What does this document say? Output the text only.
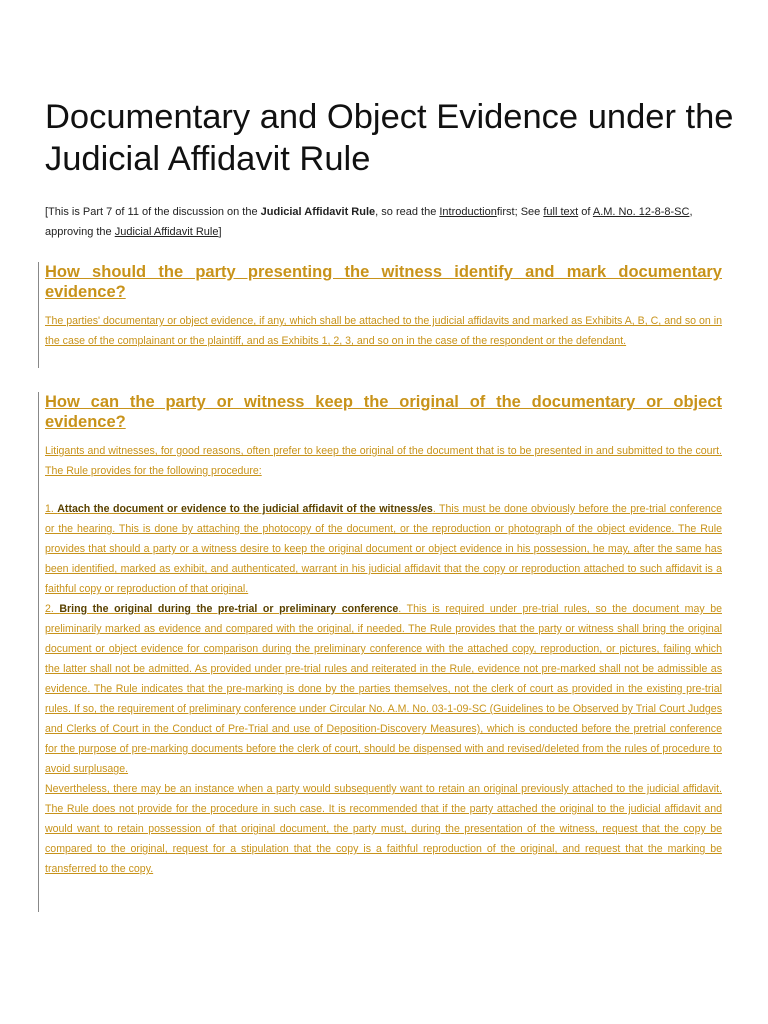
Documentary and Object Evidence under the Judicial Affidavit Rule

[This is Part 7 of 11 of the discussion on the Judicial Affidavit Rule, so read the Introductionfirst; See full text of A.M. No. 12-8-8-SC, approving the Judicial Affidavit Rule]

How should the party presenting the witness identify and mark documentary evidence?

The parties' documentary or object evidence, if any, which shall be attached to the judicial affidavits and marked as Exhibits A, B, C, and so on in the case of the complainant or the plaintiff, and as Exhibits 1, 2, 3, and so on in the case of the respondent or the defendant.

How can the party or witness keep the original of the documentary or object evidence?

Litigants and witnesses, for good reasons, often prefer to keep the original of the document that is to be presented in and submitted to the court. The Rule provides for the following procedure:

1. Attach the document or evidence to the judicial affidavit of the witness/es. This must be done obviously before the pre-trial conference or the hearing. This is done by attaching the photocopy of the document, or the reproduction or photograph of the object evidence. The Rule provides that should a party or a witness desire to keep the original document or object evidence in his possession, he may, after the same has been identified, marked as exhibit, and authenticated, warrant in his judicial affidavit that the copy or reproduction attached to such affidavit is a faithful copy or reproduction of that original.

2. Bring the original during the pre-trial or preliminary conference. This is required under pre-trial rules, so the document may be preliminarily marked as evidence and compared with the original, if needed. The Rule provides that the party or witness shall bring the original document or object evidence for comparison during the preliminary conference with the attached copy, reproduction, or pictures, failing which the latter shall not be admitted. As provided under pre-trial rules and reiterated in the Rule, evidence not pre-marked shall not be admissible as evidence. The Rule indicates that the pre-marking is done by the parties themselves, not the clerk of court as provided in the existing pre-trial rules. If so, the requirement of preliminary conference under Circular No. A.M. No. 03-1-09-SC (Guidelines to be Observed by Trial Court Judges and Clerks of Court in the Conduct of Pre-Trial and use of Deposition-Discovery Measures), which is conducted before the pretrial conference for the purpose of pre-marking documents before the clerk of court, should be dispensed with and revised/deleted from the rules of procedure to avoid surplusage.

Nevertheless, there may be an instance when a party would subsequently want to retain an original previously attached to the judicial affidavit. The Rule does not provide for the procedure in such case. It is recommended that if the party attached the original to the judicial affidavit and would want to retain possession of that original document, the party must, during the presentation of the witness, request that the copy be compared to the original, request for a stipulation that the copy is a faithful reproduction of the original, and request that the marking be transferred to the copy.
